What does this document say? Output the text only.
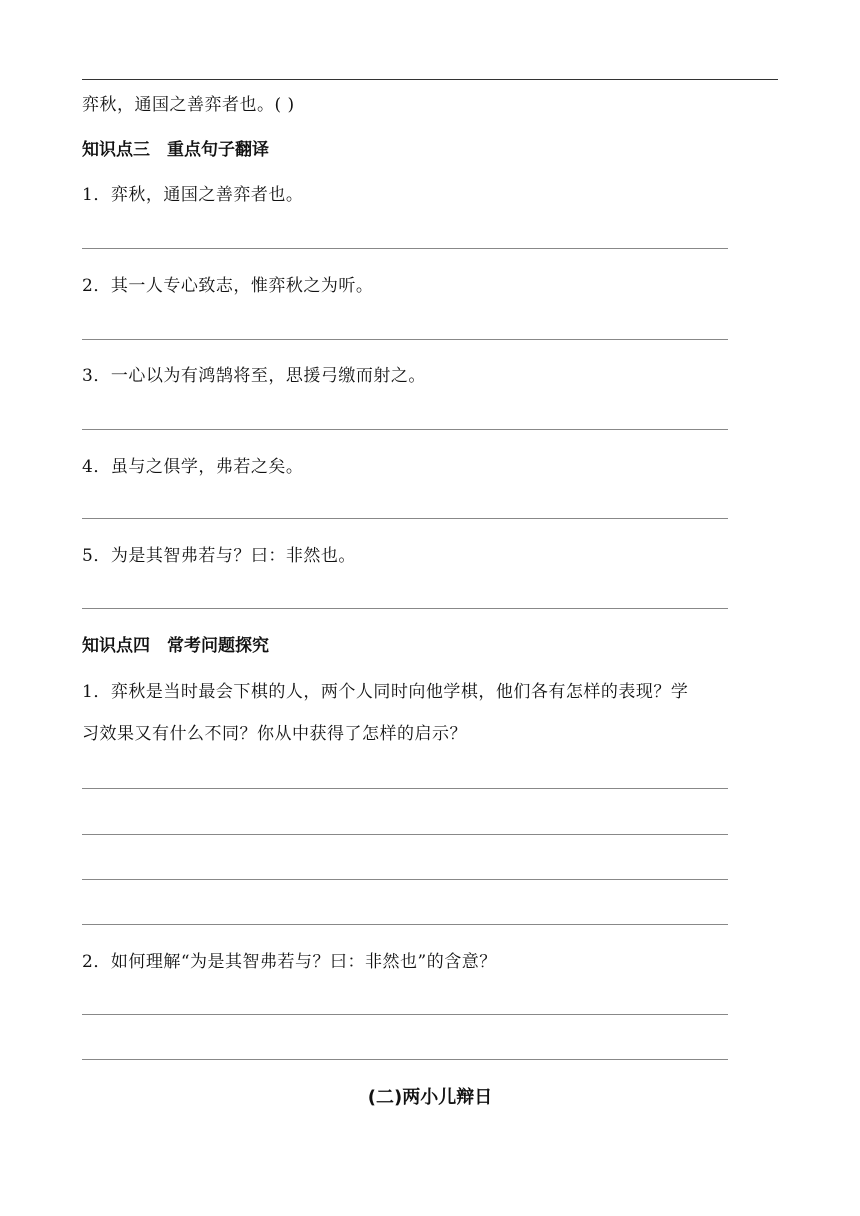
弈秋，通国之善弈者也。( )
知识点三　重点句子翻译
1．弈秋，通国之善弈者也。
2．其一人专心致志，惟弈秋之为听。
3．一心以为有鸿鹄将至，思援弓缴而射之。
4．虽与之俱学，弗若之矣。
5．为是其智弗若与？曰：非然也。
知识点四　常考问题探究
1．弈秋是当时最会下棋的人，两个人同时向他学棋，他们各有怎样的表现？学
习效果又有什么不同？你从中获得了怎样的启示？
2．如何理解“为是其智弗若与？曰：非然也”的含意？
(二)两小儿辩日
